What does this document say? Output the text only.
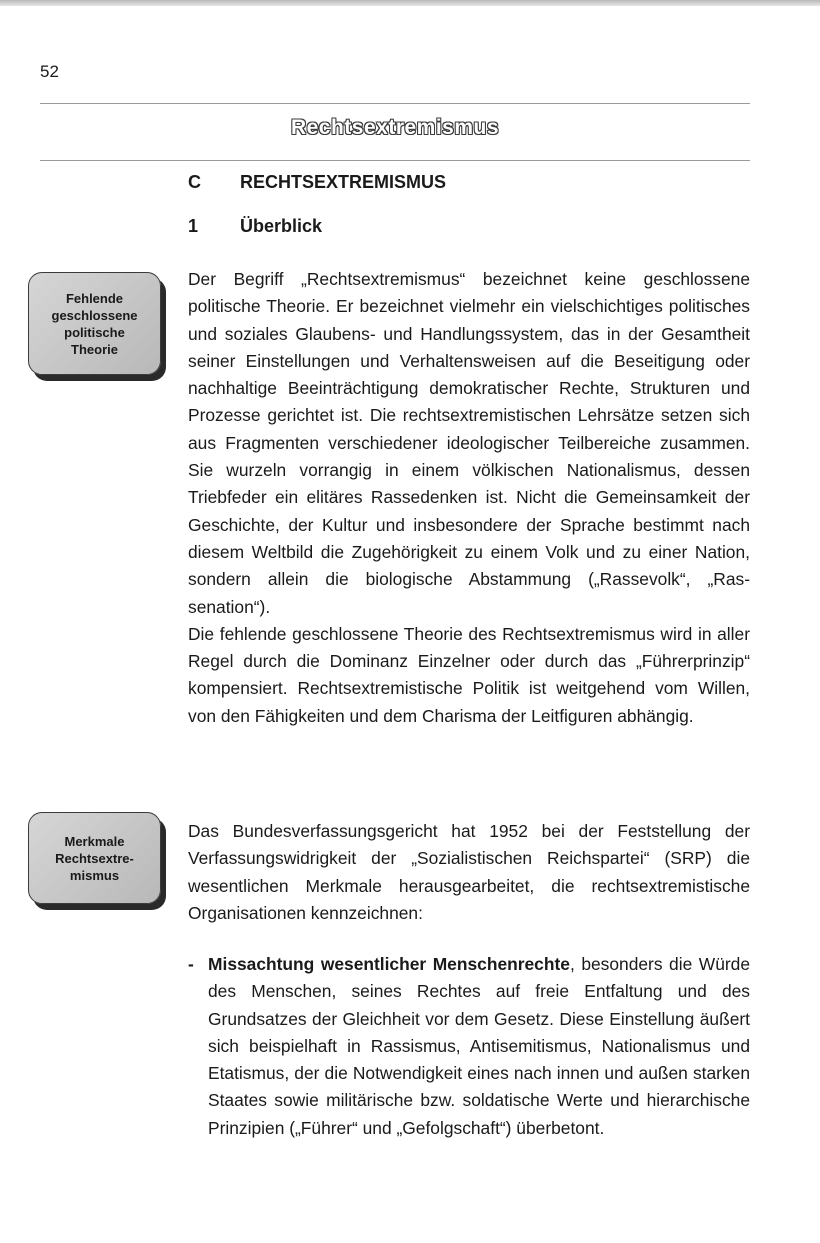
52
Rechtsextremismus
C	RECHTSEXTREMISMUS
1	Überblick
Fehlende
geschlossene
politische
Theorie

Der Begriff „Rechtsextremismus“ bezeichnet keine geschlossene politische Theorie. Er bezeichnet vielmehr ein vielschichtiges politisches und soziales Glaubens- und Handlungssystem, das in der Gesamtheit seiner Einstellungen und Verhaltensweisen auf die Beseitigung oder nachhaltige Beeinträchtigung demokratischer Rechte, Strukturen und Prozesse gerichtet ist. Die rechtsextremistischen Lehrsätze setzen sich aus Fragmenten verschiedener ideologischer Teilbereiche zusammen. Sie wurzeln vorrangig in einem völkischen Nationalismus, dessen Triebfeder ein elitäres Rassedenken ist. Nicht die Gemeinsamkeit der Geschichte, der Kultur und insbesondere der Sprache bestimmt nach diesem Weltbild die Zugehörigkeit zu einem Volk und zu einer Nation, sondern allein die biologische Abstammung („Rassevolk“, „Rassenation“).

Die fehlende geschlossene Theorie des Rechtsextremismus wird in aller Regel durch die Dominanz Einzelner oder durch das „Führerprinzip“ kompensiert. Rechtsextremistische Politik ist weitgehend vom Willen, von den Fähigkeiten und dem Charisma der Leitfiguren abhängig.

Merkmale
Rechtsextre-
mismus

Das Bundesverfassungsgericht hat 1952 bei der Feststellung der Verfassungswidrigkeit der „Sozialistischen Reichspartei“ (SRP) die wesentlichen Merkmale herausgearbeitet, die rechtsextremistische Organisationen kennzeichnen:

- Missachtung wesentlicher Menschenrechte, besonders die Würde des Menschen, seines Rechtes auf freie Entfaltung und des Grundsatzes der Gleichheit vor dem Gesetz. Diese Einstellung äußert sich beispielhaft in Rassismus, Antisemitismus, Nationalismus und Etatismus, der die Notwendigkeit eines nach innen und außen starken Staates sowie militärische bzw. soldatische Werte und hierarchische Prinzipien („Führer“ und „Gefolgschaft“) überbetont.
